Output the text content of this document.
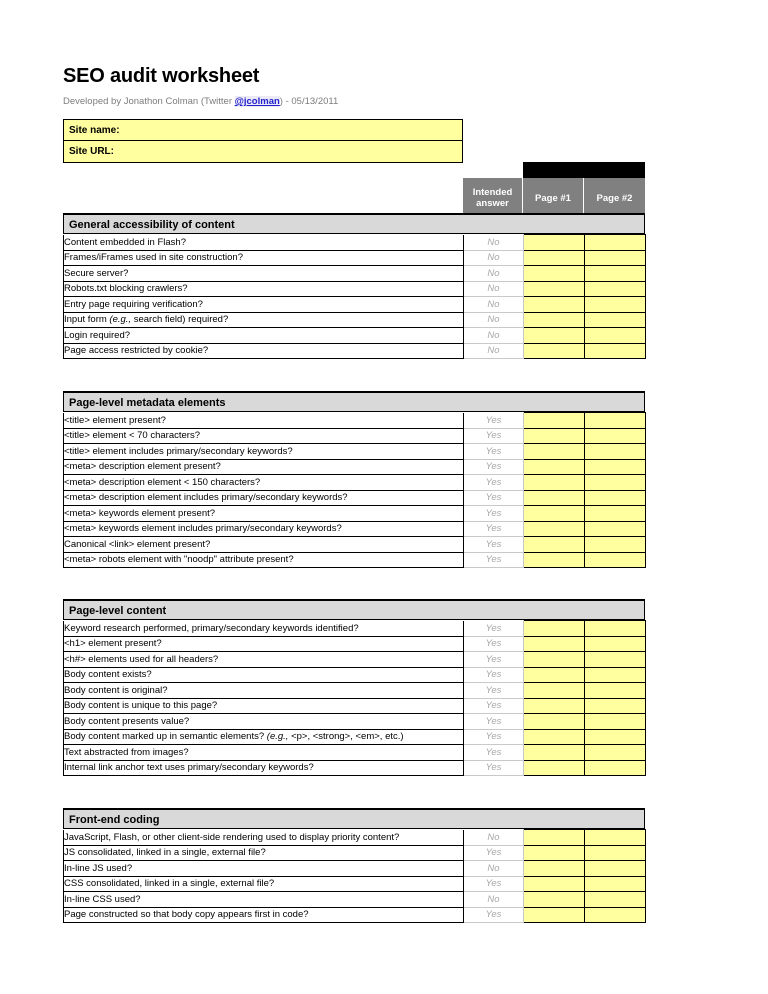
SEO audit worksheet

Developed by Jonathon Colman (Twitter @jcolman) - 05/13/2011

Site name:
Site URL:
Intended answer	Page #1	Page #2
General accessibility of content
Content embedded in Flash?	No		
Frames/iFrames used in site construction?	No		
Secure server?	No		
Robots.txt blocking crawlers?	No		
Entry page requiring verification?	No		
Input form (e.g., search field) required?	No		
Login required?	No		
Page access restricted by cookie?	No		
Page-level metadata elements
<title> element present?	Yes		
<title> element < 70 characters?	Yes		
<title> element includes primary/secondary keywords?	Yes		
<meta> description element present?	Yes		
<meta> description element < 150 characters?	Yes		
<meta> description element includes primary/secondary keywords?	Yes		
<meta> keywords element present?	Yes		
<meta> keywords element includes primary/secondary keywords?	Yes		
Canonical <link> element present?	Yes		
<meta> robots element with "noodp" attribute present?	Yes		
Page-level content
Keyword research performed, primary/secondary keywords identified?	Yes		
<h1> element present?	Yes		
<h#> elements used for all headers?	Yes		
Body content exists?	Yes		
Body content is original?	Yes		
Body content is unique to this page?	Yes		
Body content presents value?	Yes		
Body content marked up in semantic elements? (e.g., <p>, <strong>, <em>, etc.)	Yes		
Text abstracted from images?	Yes		
Internal link anchor text uses primary/secondary keywords?	Yes		
Front-end coding
JavaScript, Flash, or other client-side rendering used to display priority content?	No		
JS consolidated, linked in a single, external file?	Yes		
In-line JS used?	No		
CSS consolidated, linked in a single, external file?	Yes		
In-line CSS used?	No		
Page constructed so that body copy appears first in code?	Yes		
